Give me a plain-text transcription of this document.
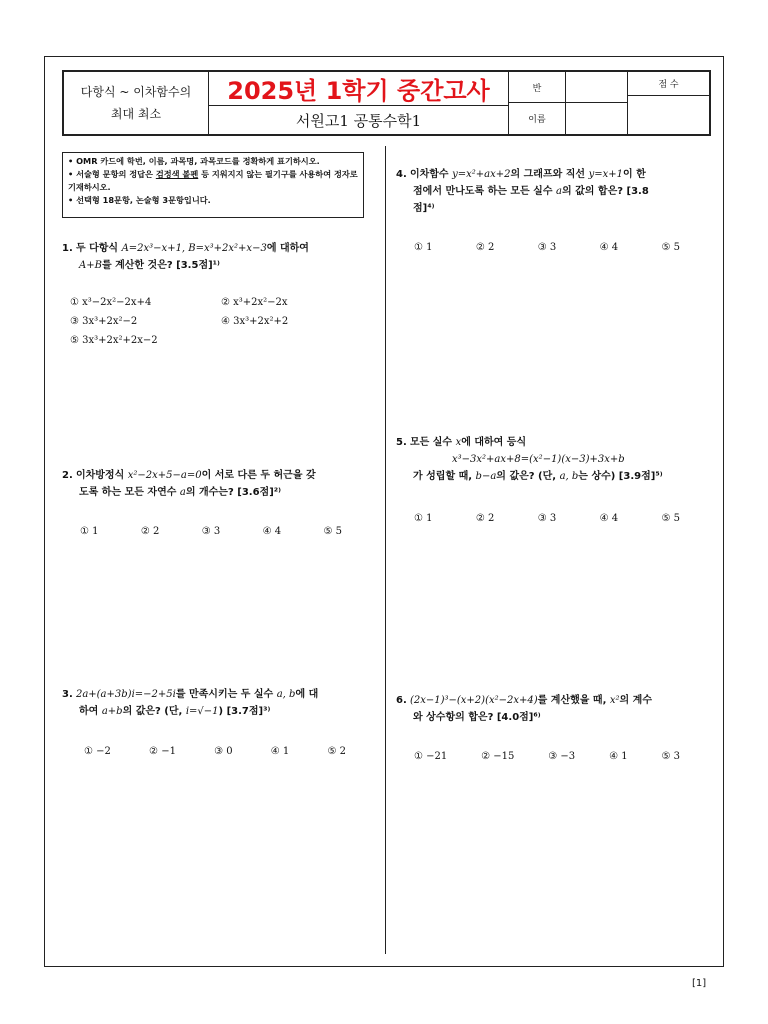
다항식 ~ 이차함수의
최대 최소
2025년 1학기 중간고사
서원고1 공통수학1
반
이름
점 수
• OMR 카드에 학번, 이름, 과목명, 과목코드를 정확하게 표기하시오.
• 서술형 문항의 정답은 검정색 볼펜 등 지워지지 않는 필기구를 사용하여 정자로 기재하시오.
• 선택형 18문항, 논술형 3문항입니다.
1. 두 다항식 A=2x³−x+1, B=x³+2x²+x−3에 대하여
A+B를 계산한 것은? [3.5점]¹⁾
① x³−2x²−2x+4	② x³+2x²−2x
③ 3x³+2x²−2	④ 3x³+2x²+2
⑤ 3x³+2x²+2x−2
2. 이차방정식 x²−2x+5−a=0이 서로 다른 두 허근을 갖
도록 하는 모든 자연수 a의 개수는? [3.6점]²⁾
① 1	② 2	③ 3	④ 4	⑤ 5
3. 2a+(a+3b)i=−2+5i를 만족시키는 두 실수 a, b에 대
하여 a+b의 값은? (단, i=√−1) [3.7점]³⁾
① −2	② −1	③ 0	④ 1	⑤ 2
4. 이차함수 y=x²+ax+2의 그래프와 직선 y=x+1이 한
점에서 만나도록 하는 모든 실수 a의 값의 합은? [3.8
점]⁴⁾
① 1	② 2	③ 3	④ 4	⑤ 5
5. 모든 실수 x에 대하여 등식
x³−3x²+ax+8=(x²−1)(x−3)+3x+b
가 성립할 때, b−a의 값은? (단, a, b는 상수) [3.9점]⁵⁾
① 1	② 2	③ 3	④ 4	⑤ 5
6. (2x−1)³−(x+2)(x²−2x+4)를 계산했을 때, x²의 계수
와 상수항의 합은? [4.0점]⁶⁾
① −21	② −15	③ −3	④ 1	⑤ 3
[1]
